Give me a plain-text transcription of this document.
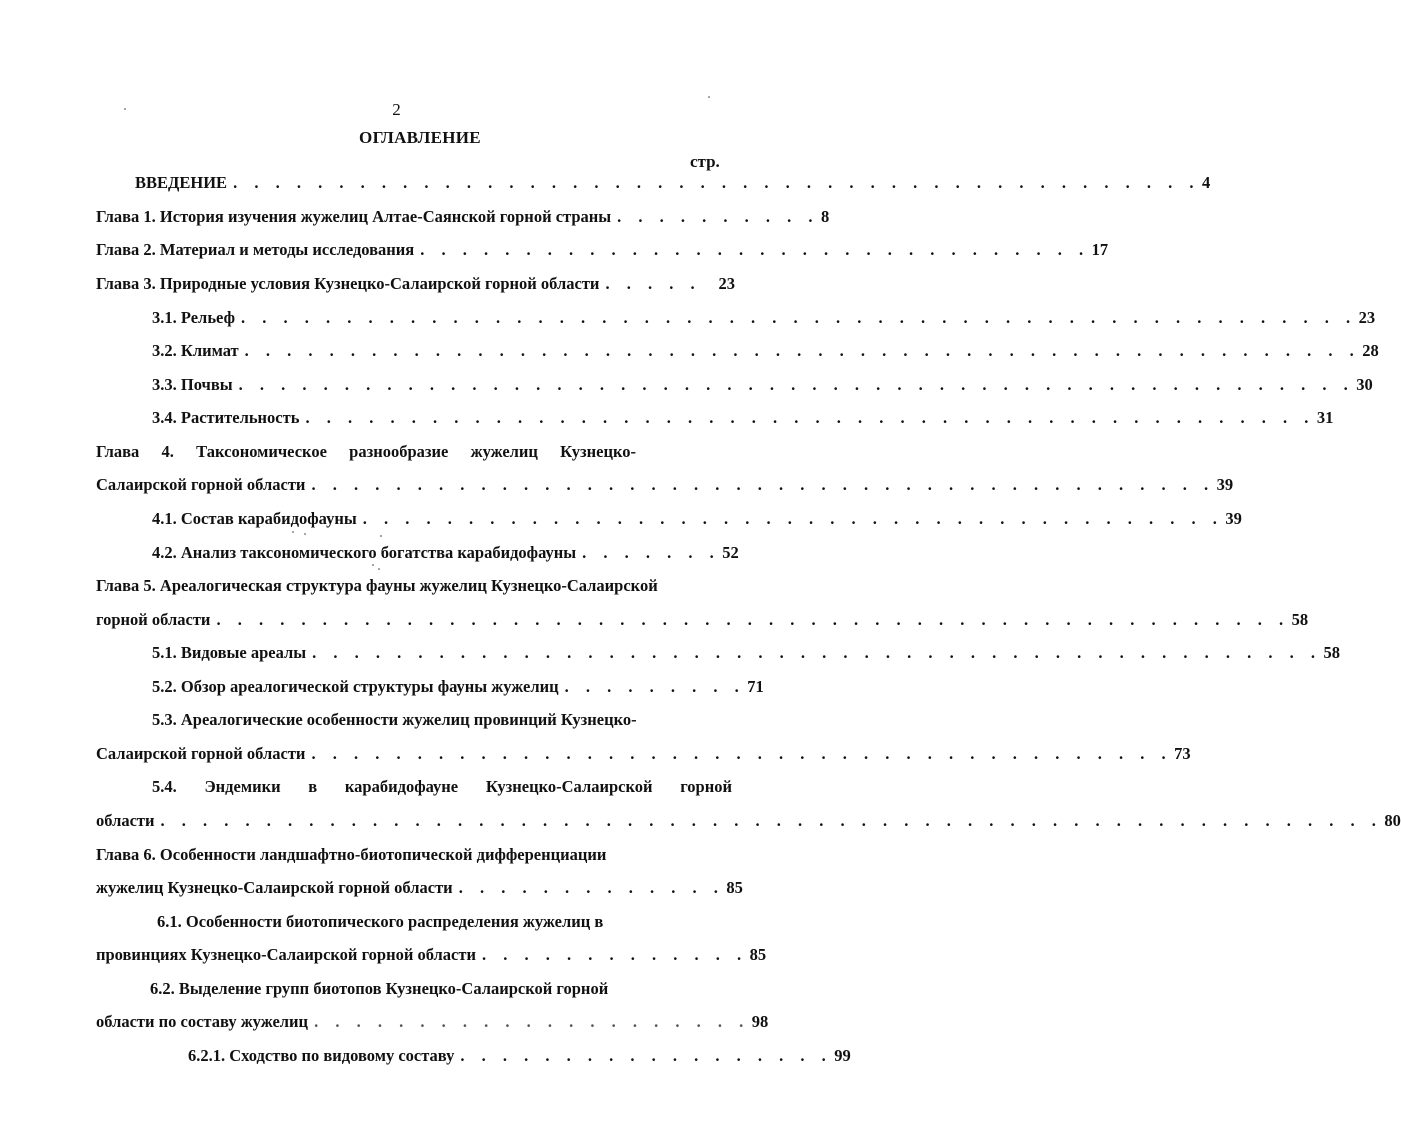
2
ОГЛАВЛЕНИЕ
стр.
ВВЕДЕНИЕ . . . . . . . . . . . . . . . . . . . . . . . . . . . . . . . . . . . . . . . . . . . . . . 4
Глава 1. История изучения жужелиц Алтае-Саянской горной страны . . . . . . . . . . 8
Глава 2. Материал и методы исследования . . . . . . . . . . . . . . . . . . . . . . . . . . . . . . . . 17
Глава 3. Природные условия Кузнецко-Салаирской горной области . . . . .	23
3.1. Рельеф . . . . . . . . . . . . . . . . . . . . . . . . . . . . . . . . . . . . . . . . . . . . . . . . . . . . . 23
3.2. Климат . . . . . . . . . . . . . . . . . . . . . . . . . . . . . . . . . . . . . . . . . . . . . . . . . . . . . 28
3.3. Почвы . . . . . . . . . . . . . . . . . . . . . . . . . . . . . . . . . . . . . . . . . . . . . . . . . . . . . 30
3.4. Растительность . . . . . . . . . . . . . . . . . . . . . . . . . . . . . . . . . . . . . . . . . . . . . . . . 31
Глава 4. Таксономическое разнообразие жужелиц Кузнецко-
Салаирской горной области . . . . . . . . . . . . . . . . . . . . . . . . . . . . . . . . . . . . . . . . . . . 39
4.1. Состав карабидофауны . . . . . . . . . . . . . . . . . . . . . . . . . . . . . . . . . . . . . . . . . 39
4.2. Анализ таксономического богатства карабидофауны . . . . . . . 52
Глава 5. Ареалогическая структура фауны жужелиц Кузнецко-Салаирской
горной области . . . . . . . . . . . . . . . . . . . . . . . . . . . . . . . . . . . . . . . . . . . . . . . . . . . 58
5.1. Видовые ареалы . . . . . . . . . . . . . . . . . . . . . . . . . . . . . . . . . . . . . . . . . . . . . . . . 58
5.2. Обзор ареалогической структуры фауны жужелиц . . . . . . . . . 71
5.3. Ареалогические особенности жужелиц провинций Кузнецко-
Салаирской горной области . . . . . . . . . . . . . . . . . . . . . . . . . . . . . . . . . . . . . . . . . 73
5.4. Эндемики в карабидофауне Кузнецко-Салаирской горной
области . . . . . . . . . . . . . . . . . . . . . . . . . . . . . . . . . . . . . . . . . . . . . . . . . . . . . . . . . . 80
Глава 6. Особенности ландшафтно-биотопической дифференциации
жужелиц Кузнецко-Салаирской горной области . . . . . . . . . . . . . 85
6.1. Особенности биотопического распределения жужелиц в
провинциях Кузнецко-Салаирской горной области . . . . . . . . . . . . . 85
6.2. Выделение групп биотопов Кузнецко-Салаирской горной
области по составу жужелиц . . . . . . . . . . . . . . . . . . . . . 98
6.2.1. Сходство по видовому составу . . . . . . . . . . . . . . . . . . 99
